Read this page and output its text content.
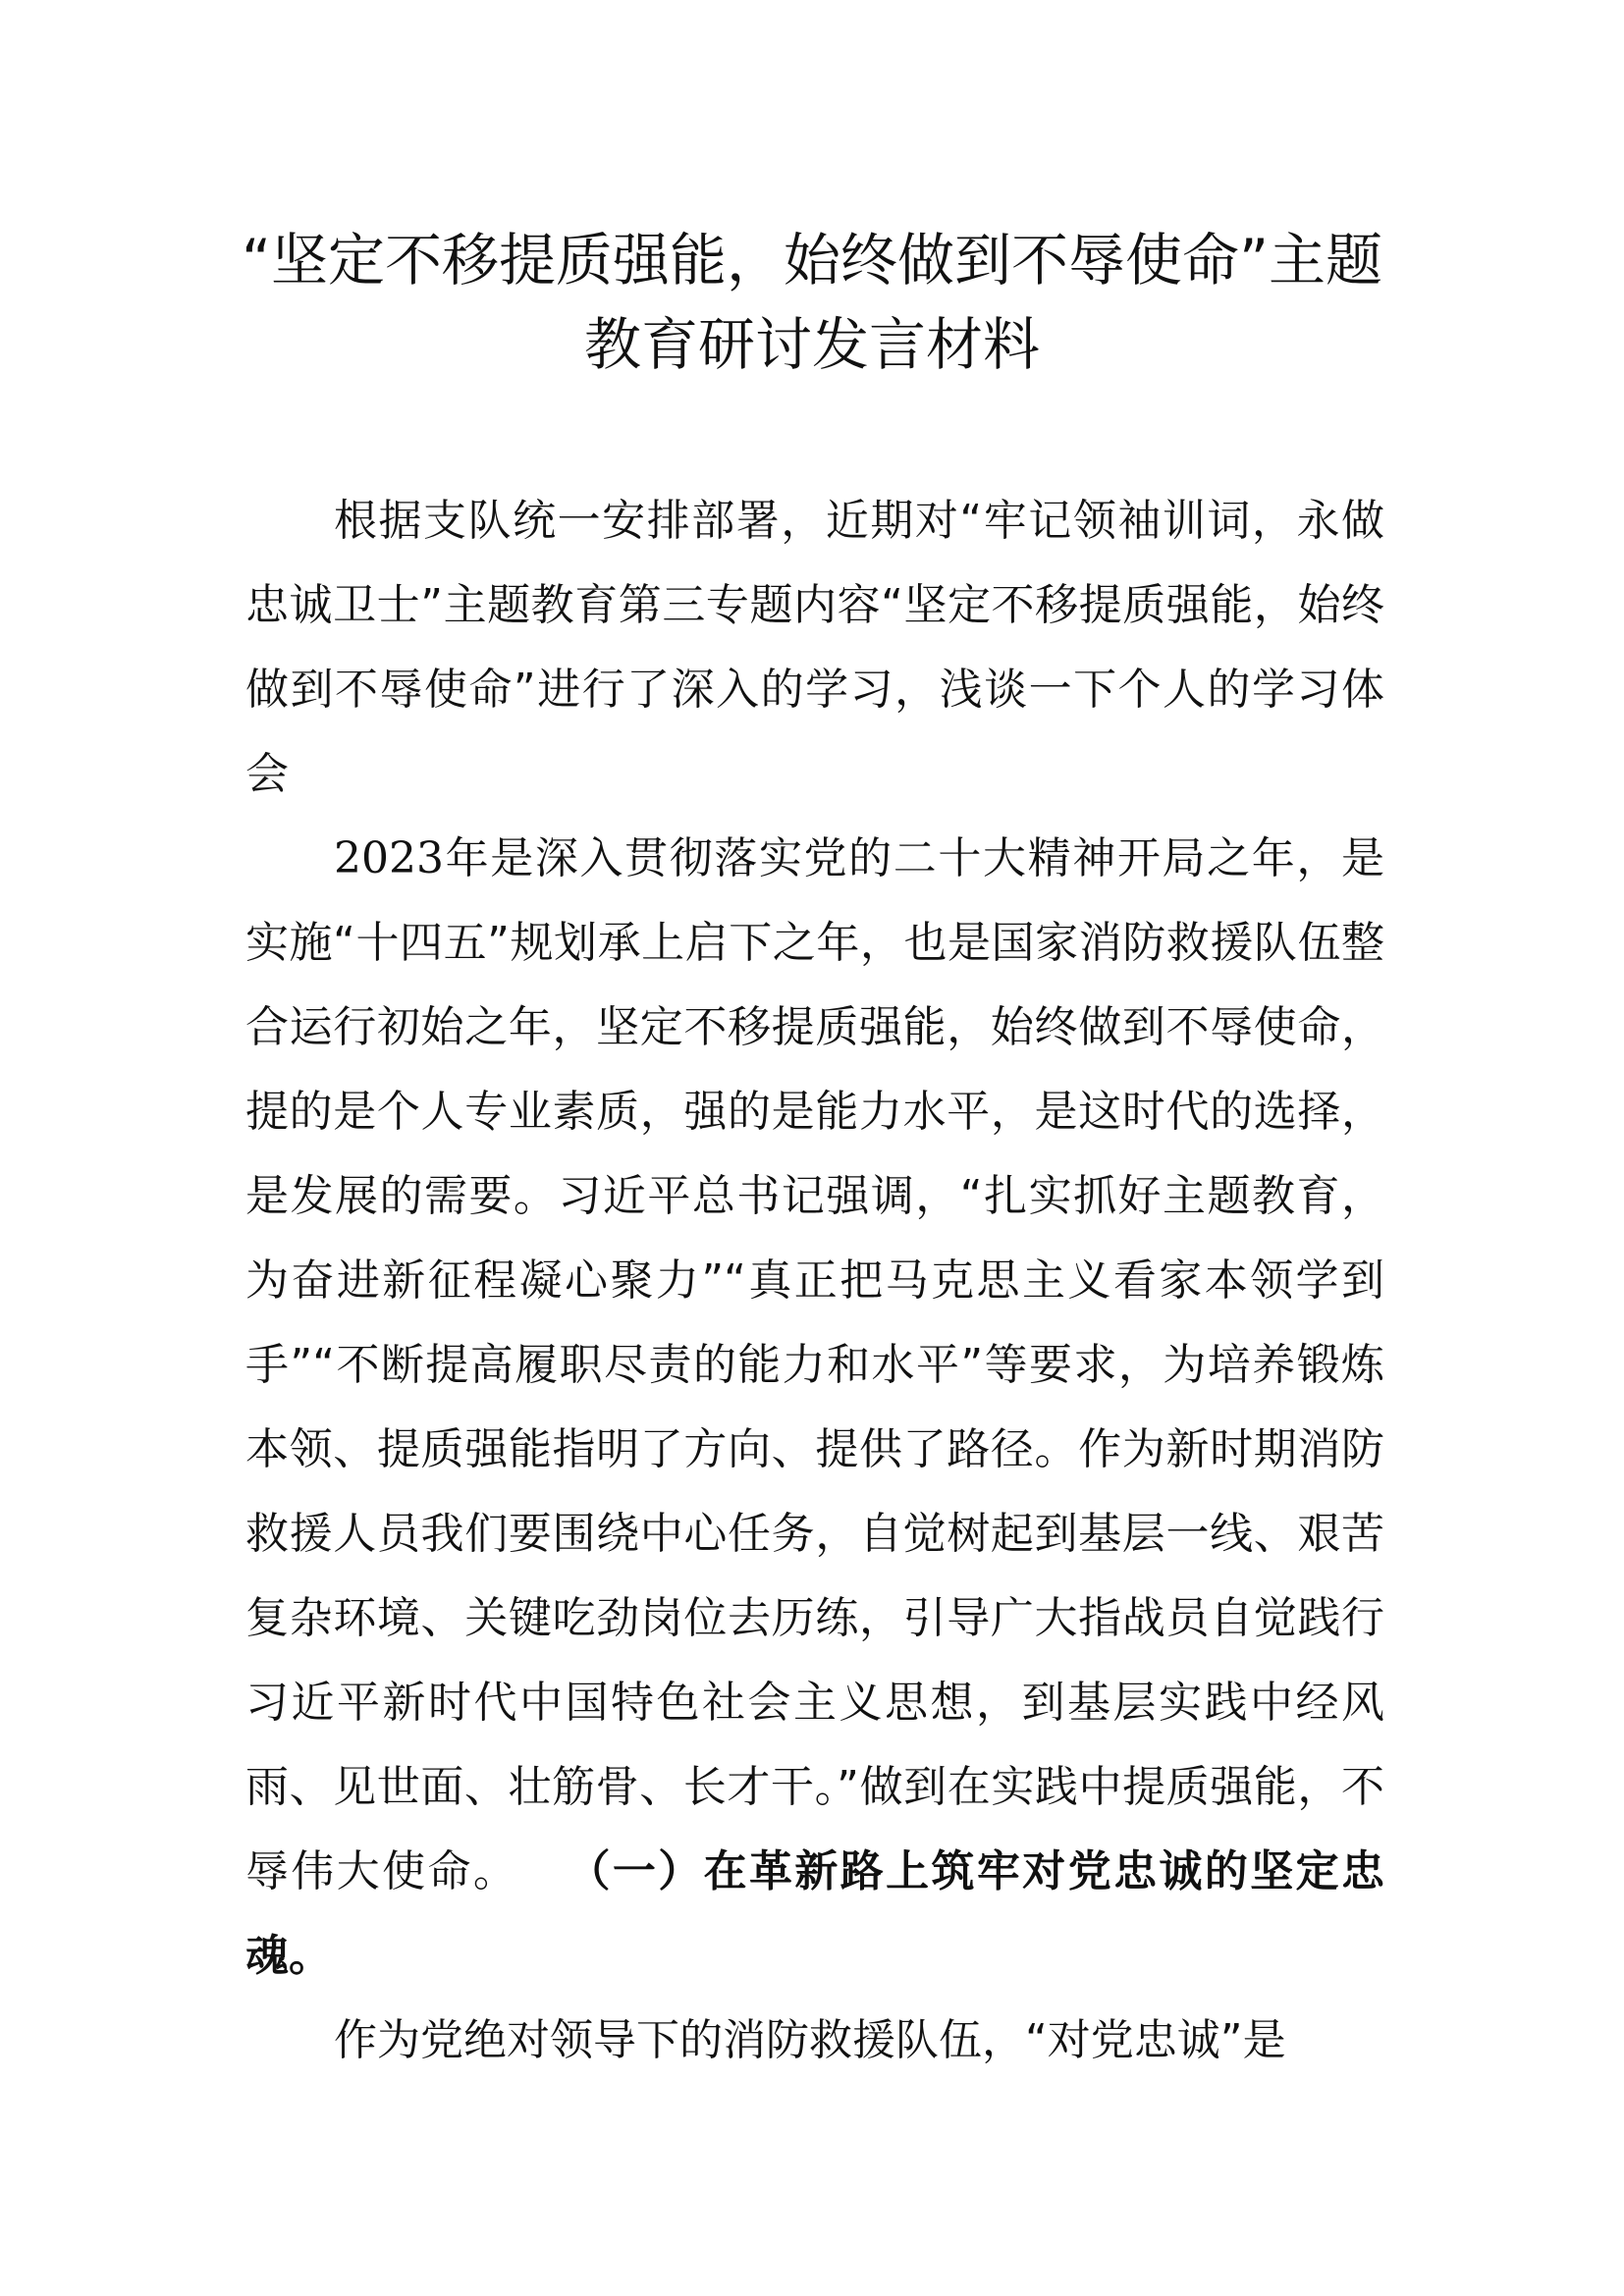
“坚定不移提质强能，始终做到不辱使命”主题教育研讨发言材料

根据支队统一安排部署，近期对“牢记领袖训词，永做忠诚卫士”主题教育第三专题内容“坚定不移提质强能，始终做到不辱使命”进行了深入的学习，浅谈一下个人的学习体会

2023年是深入贯彻落实党的二十大精神开局之年，是实施“十四五”规划承上启下之年，也是国家消防救援队伍整合运行初始之年，坚定不移提质强能，始终做到不辱使命，提的是个人专业素质，强的是能力水平，是这时代的选择，是发展的需要。习近平总书记强调，“扎实抓好主题教育，为奋进新征程凝心聚力”“真正把马克思主义看家本领学到手”“不断提高履职尽责的能力和水平”等要求，为培养锻炼本领、提质强能指明了方向、提供了路径。作为新时期消防救援人员我们要围绕中心任务，自觉树起到基层一线、艰苦复杂环境、关键吃劲岗位去历练，引导广大指战员自觉践行习近平新时代中国特色社会主义思想，到基层实践中经风雨、见世面、壮筋骨、长才干。”做到在实践中提质强能，不辱伟大使命。 （一）在革新路上筑牢对党忠诚的坚定忠魂。

作为党绝对领导下的消防救援队伍，“对党忠诚”是
